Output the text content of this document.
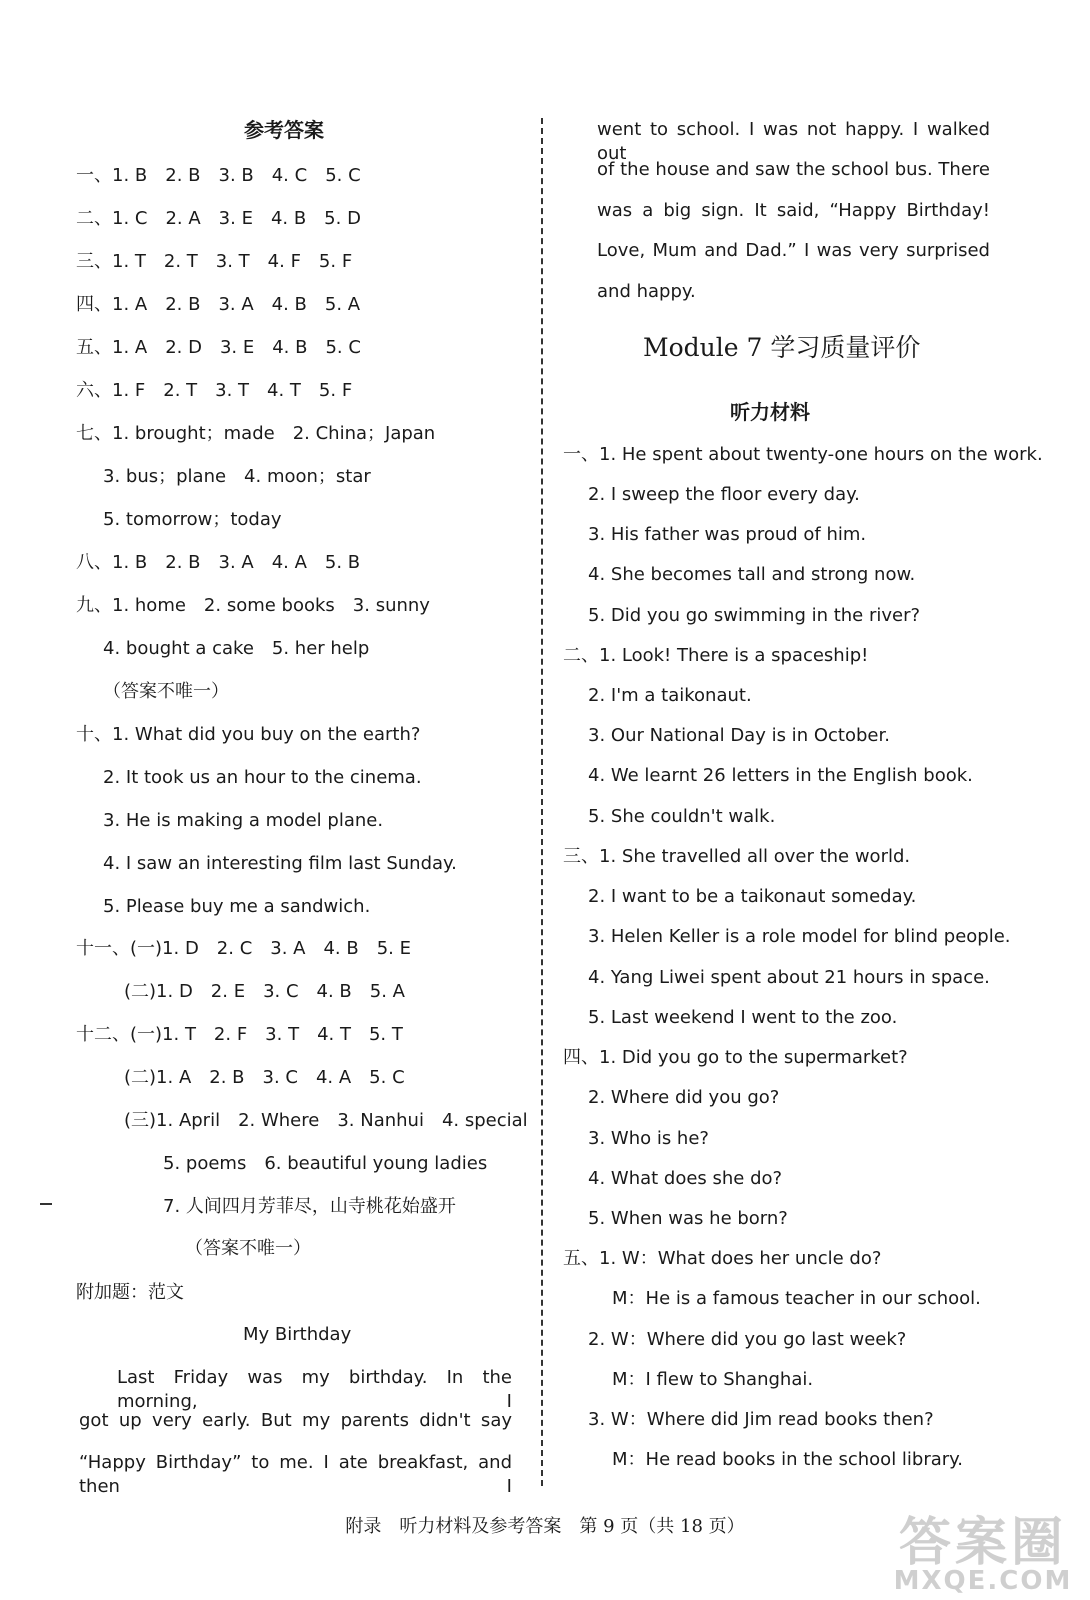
参考答案
一、1. B　2. B　3. B　4. C　5. C
二、1. C　2. A　3. E　4. B　5. D
三、1. T　2. T　3. T　4. F　5. F
四、1. A　2. B　3. A　4. B　5. A
五、1. A　2. D　3. E　4. B　5. C
六、1. F　2. T　3. T　4. T　5. F
七、1. brought；made　2. China；Japan
3. bus；plane　4. moon；star
5. tomorrow；today
八、1. B　2. B　3. A　4. A　5. B
九、1. home　2. some books　3. sunny
4. bought a cake　5. her help
（答案不唯一）
十、1. What did you buy on the earth?
2. It took us an hour to the cinema.
3. He is making a model plane.
4. I saw an interesting film last Sunday.
5. Please buy me a sandwich.
十一、(一)1. D　2. C　3. A　4. B　5. E
(二)1. D　2. E　3. C　4. B　5. A
十二、(一)1. T　2. F　3. T　4. T　5. T
(二)1. A　2. B　3. C　4. A　5. C
(三)1. April　2. Where　3. Nanhui　4. special
5. poems　6. beautiful young ladies
7. 人间四月芳菲尽，山寺桃花始盛开
（答案不唯一）
附加题：范文
My Birthday
Last Friday was my birthday. In the morning, I
got up very early. But my parents didn't say
“Happy Birthday” to me. I ate breakfast, and then I
went to school. I was not happy. I walked out
of the house and saw the school bus. There
was a big sign. It said, “Happy Birthday!
Love, Mum and Dad.” I was very surprised
and happy.
Module 7 学习质量评价
听力材料
一、1. He spent about twenty-one hours on the work.
2. I sweep the floor every day.
3. His father was proud of him.
4. She becomes tall and strong now.
5. Did you go swimming in the river?
二、1. Look! There is a spaceship!
2. I'm a taikonaut.
3. Our National Day is in October.
4. We learnt 26 letters in the English book.
5. She couldn't walk.
三、1. She travelled all over the world.
2. I want to be a taikonaut someday.
3. Helen Keller is a role model for blind people.
4. Yang Liwei spent about 21 hours in space.
5. Last weekend I went to the zoo.
四、1. Did you go to the supermarket?
2. Where did you go?
3. Who is he?
4. What does she do?
5. When was he born?
五、1. W：What does her uncle do?
M：He is a famous teacher in our school.
2. W：Where did you go last week?
M：I flew to Shanghai.
3. W：Where did Jim read books then?
M：He read books in the school library.
附录　听力材料及参考答案　第 9 页（共 18 页）	答案圈
MXQE.COM
